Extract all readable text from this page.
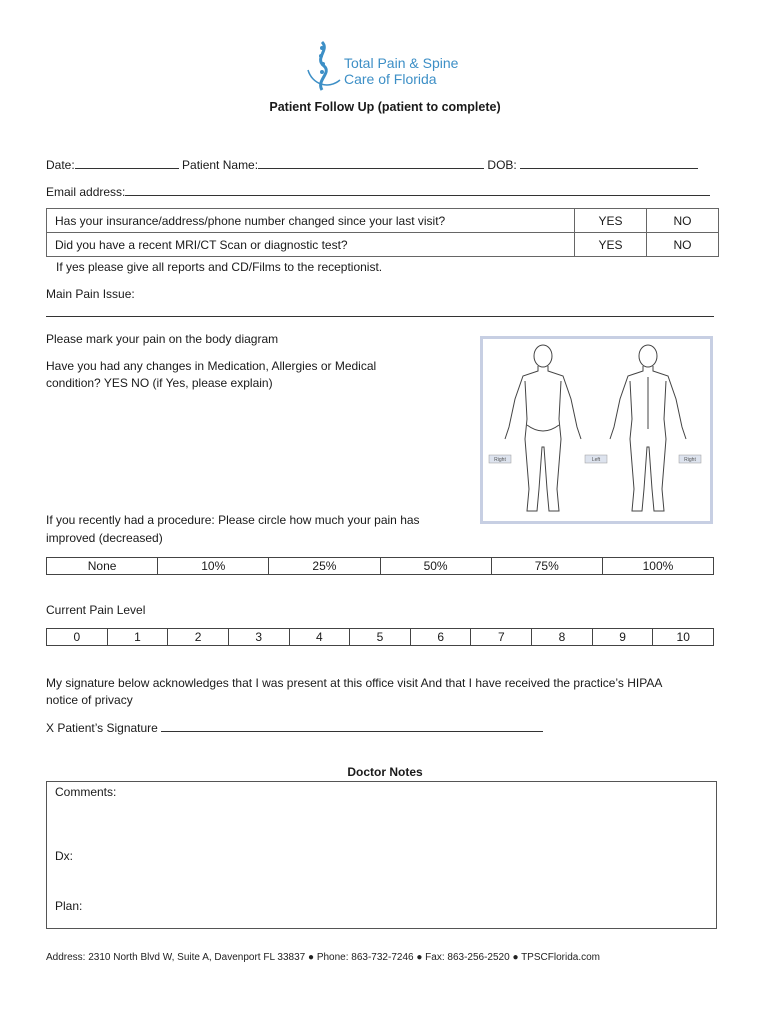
Total Pain & Spine
Care of Florida
Patient Follow Up (patient to complete)
Date:	Patient Name:	DOB:
Email address:
Has your insurance/address/phone number changed since your last visit?	YES	NO
Did you have a recent MRI/CT Scan or diagnostic test?	YES	NO
If yes please give all reports and CD/Films to the receptionist.
Main Pain Issue:
Please mark your pain on the body diagram
Have you had any changes in Medication, Allergies or Medical
condition? YES NO (if Yes, please explain)
Right	Left	Right
If you recently had a procedure: Please circle how much your pain has
improved (decreased)
None	10%	25%	50%	75%	100%
Current Pain Level
0	1	2	3	4	5	6	7	8	9	10
My signature below acknowledges that I was present at this office visit And that I have received the practice’s HIPAA
notice of privacy
X Patient’s Signature
Doctor Notes
Comments:
Dx:
Plan:
Address: 2310 North Blvd W, Suite A, Davenport FL 33837 ● Phone: 863-732-7246 ● Fax: 863-256-2520 ● TPSCFlorida.com
